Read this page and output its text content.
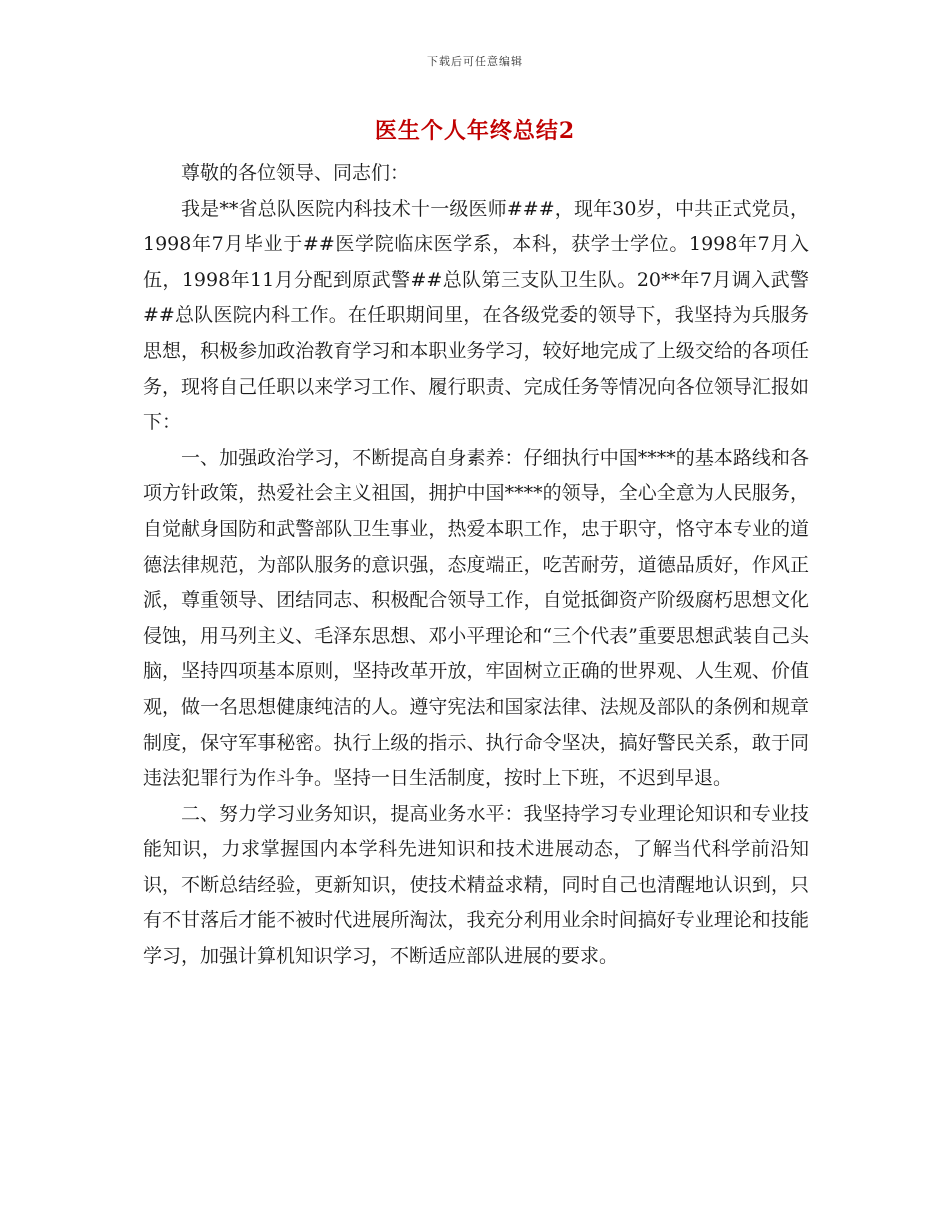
下载后可任意编辑
医生个人年终总结2

尊敬的各位领导、同志们：

我是**省总队医院内科技术十一级医师###，现年30岁，中共正式党员，1998年7月毕业于##医学院临床医学系，本科，获学士学位。1998年7月入伍，1998年11月分配到原武警##总队第三支队卫生队。20**年7月调入武警##总队医院内科工作。在任职期间里，在各级党委的领导下，我坚持为兵服务思想，积极参加政治教育学习和本职业务学习，较好地完成了上级交给的各项任务，现将自己任职以来学习工作、履行职责、完成任务等情况向各位领导汇报如下：

一、加强政治学习，不断提高自身素养：仔细执行中国****的基本路线和各项方针政策，热爱社会主义祖国，拥护中国****的领导，全心全意为人民服务，自觉献身国防和武警部队卫生事业，热爱本职工作，忠于职守，恪守本专业的道德法律规范，为部队服务的意识强，态度端正，吃苦耐劳，道德品质好，作风正派，尊重领导、团结同志、积极配合领导工作，自觉抵御资产阶级腐朽思想文化侵蚀，用马列主义、毛泽东思想、邓小平理论和“三个代表”重要思想武装自己头脑，坚持四项基本原则，坚持改革开放，牢固树立正确的世界观、人生观、价值观，做一名思想健康纯洁的人。遵守宪法和国家法律、法规及部队的条例和规章制度，保守军事秘密。执行上级的指示、执行命令坚决，搞好警民关系，敢于同违法犯罪行为作斗争。坚持一日生活制度，按时上下班，不迟到早退。

二、努力学习业务知识，提高业务水平：我坚持学习专业理论知识和专业技能知识，力求掌握国内本学科先进知识和技术进展动态，了解当代科学前沿知识，不断总结经验，更新知识，使技术精益求精，同时自己也清醒地认识到，只有不甘落后才能不被时代进展所淘汰，我充分利用业余时间搞好专业理论和技能学习，加强计算机知识学习，不断适应部队进展的要求。
